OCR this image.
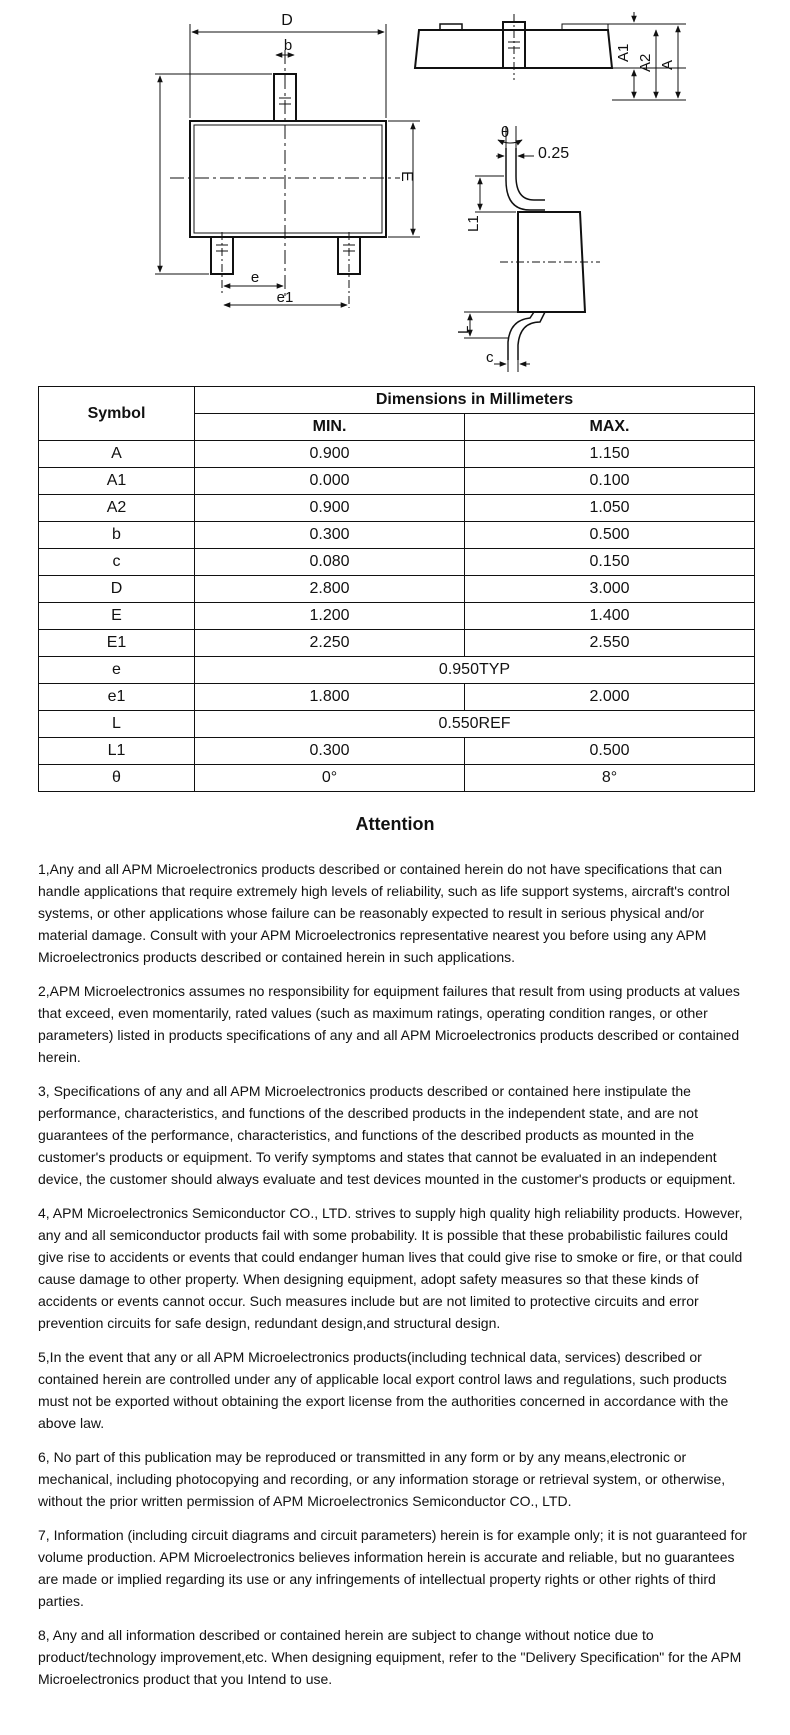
D
b
E
e
e1
A1
A2 A
θ
0.25
L1
L
c
Symbol	Dimensions in Millimeters	
	MIN.	MAX.
A	0.900	1.150
A1	0.000	0.100
A2	0.900	1.050
b	0.300	0.500
c	0.080	0.150
D	2.800	3.000
E	1.200	1.400
E1	2.250	2.550
e	0.950TYP	
e1	1.800	2.000
L	0.550REF	
L1	0.300	0.500
θ	0°	8°
Attention

1,Any and all APM Microelectronics products described or contained herein do not have specifications that can handle applications that require extremely high levels of reliability, such as life support systems, aircraft's control systems, or other applications whose failure can be reasonably expected to result in serious physical and/or material damage. Consult with your APM Microelectronics representative nearest you before using any APM Microelectronics products described or contained herein in such applications.

2,APM Microelectronics assumes no responsibility for equipment failures that result from using products at values that exceed, even momentarily, rated values (such as maximum ratings, operating condition ranges, or other parameters) listed in products specifications of any and all APM Microelectronics products described or contained herein.

3, Specifications of any and all APM Microelectronics products described or contained here instipulate the performance, characteristics, and functions of the described products in the independent state, and are not guarantees of the performance, characteristics, and functions of the described products as mounted in the customer's products or equipment. To verify symptoms and states that cannot be evaluated in an independent device, the customer should always evaluate and test devices mounted in the customer's products or equipment.

4, APM Microelectronics Semiconductor CO., LTD. strives to supply high quality high reliability products. However, any and all semiconductor products fail with some probability. It is possible that these probabilistic failures could give rise to accidents or events that could endanger human lives that could give rise to smoke or fire, or that could cause damage to other property. When designing equipment, adopt safety measures so that these kinds of accidents or events cannot occur. Such measures include but are not limited to protective circuits and error prevention circuits for safe design, redundant design,and structural design.

5,In the event that any or all APM Microelectronics products(including technical data, services) described or contained herein are controlled under any of applicable local export control laws and regulations, such products must not be exported without obtaining the export license from the authorities concerned in accordance with the above law.

6, No part of this publication may be reproduced or transmitted in any form or by any means,electronic or mechanical, including photocopying and recording, or any information storage or retrieval system, or otherwise, without the prior written permission of APM Microelectronics Semiconductor CO., LTD.

7, Information (including circuit diagrams and circuit parameters) herein is for example only; it is not guaranteed for volume production. APM Microelectronics believes information herein is accurate and reliable, but no guarantees are made or implied regarding its use or any infringements of intellectual property rights or other rights of third parties.

8, Any and all information described or contained herein are subject to change without notice due to product/technology improvement,etc. When designing equipment, refer to the "Delivery Specification" for the APM Microelectronics product that you Intend to use.
